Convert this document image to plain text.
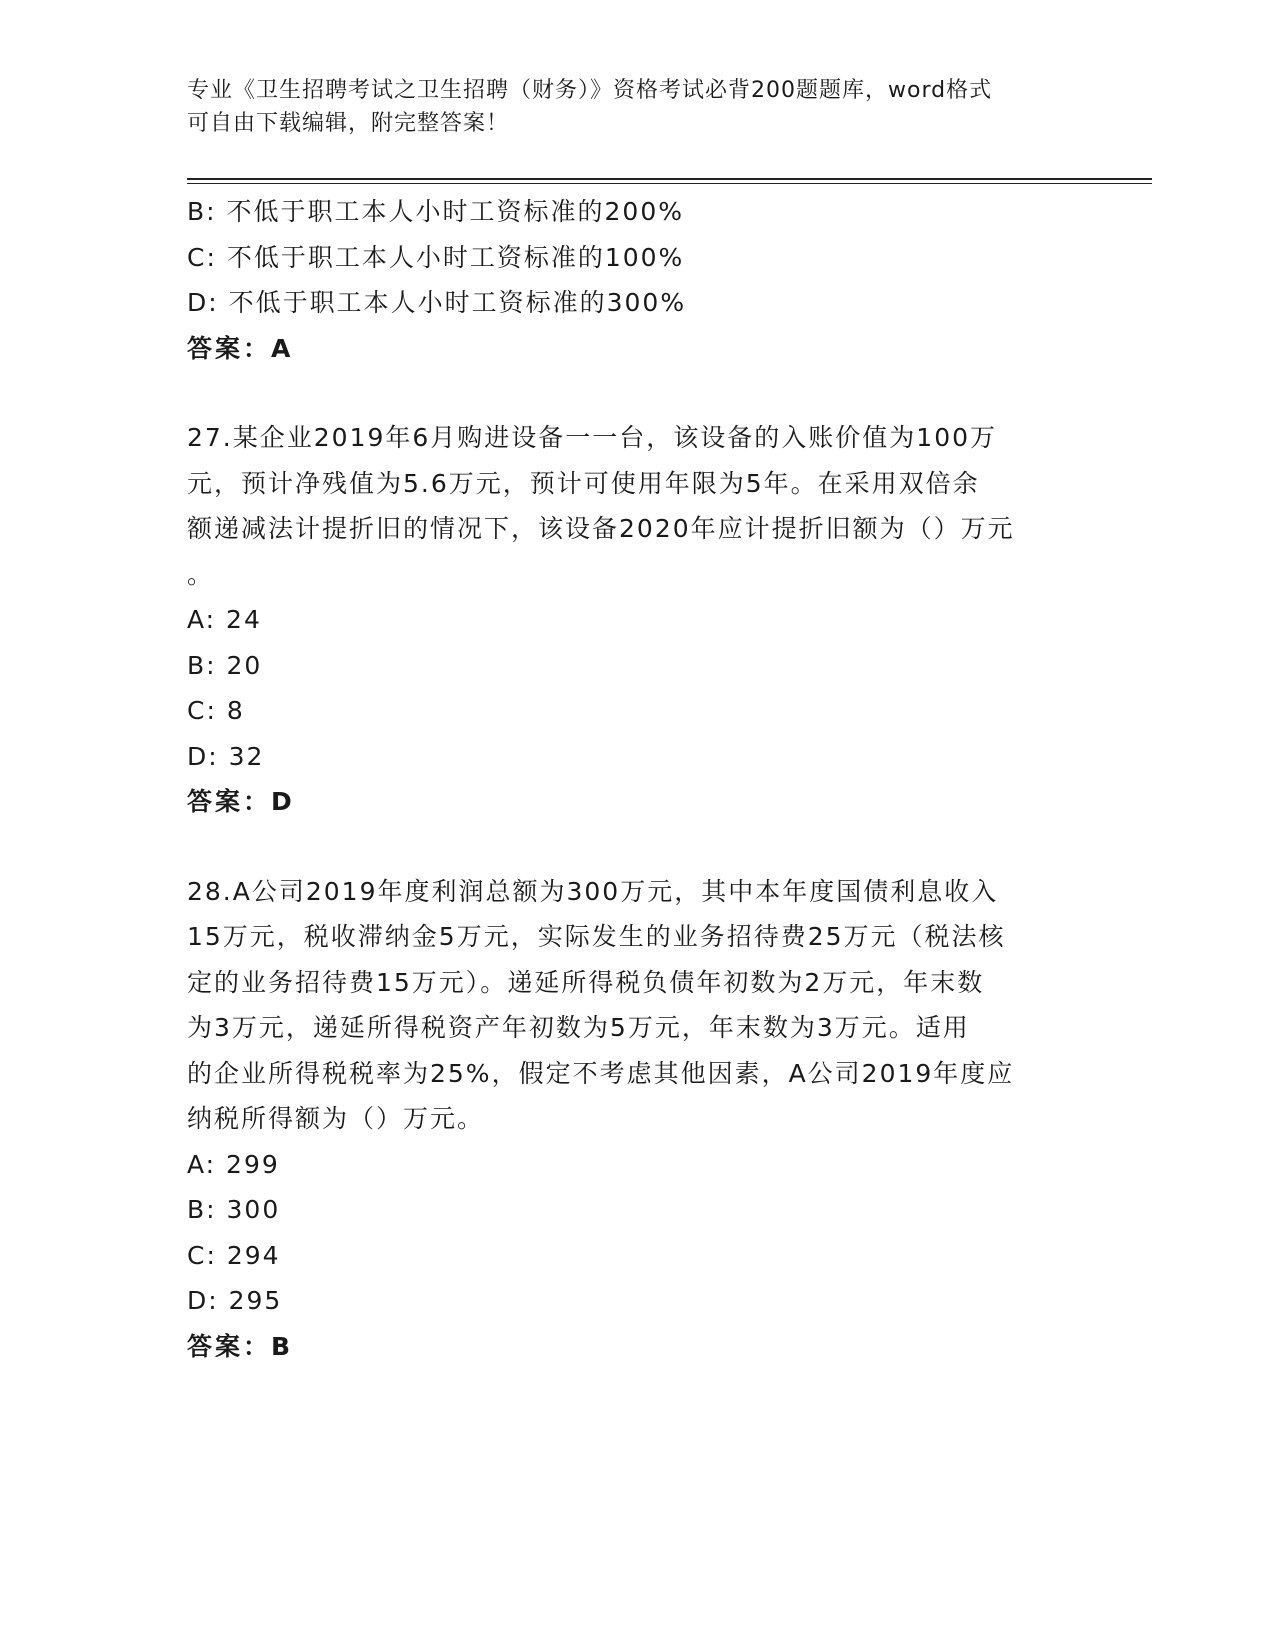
专业《卫生招聘考试之卫生招聘（财务）》资格考试必背200题题库，word格式
可自由下载编辑，附完整答案！
B: 不低于职工本人小时工资标准的200%
C: 不低于职工本人小时工资标准的100%
D: 不低于职工本人小时工资标准的300%
答案：A
27.某企业2019年6月购进设备一一台，该设备的入账价值为100万
元，预计净残值为5.6万元，预计可使用年限为5年。在采用双倍余
额递减法计提折旧的情况下，该设备2020年应计提折旧额为（）万元
。
A: 24
B: 20
C: 8
D: 32
答案：D
28.A公司2019年度利润总额为300万元，其中本年度国债利息收入
15万元，税收滞纳金5万元，实际发生的业务招待费25万元（税法核
定的业务招待费15万元）。递延所得税负债年初数为2万元，年末数
为3万元，递延所得税资产年初数为5万元，年末数为3万元。适用
的企业所得税税率为25%，假定不考虑其他因素，A公司2019年度应
纳税所得额为（）万元。
A: 299
B: 300
C: 294
D: 295
答案：B
